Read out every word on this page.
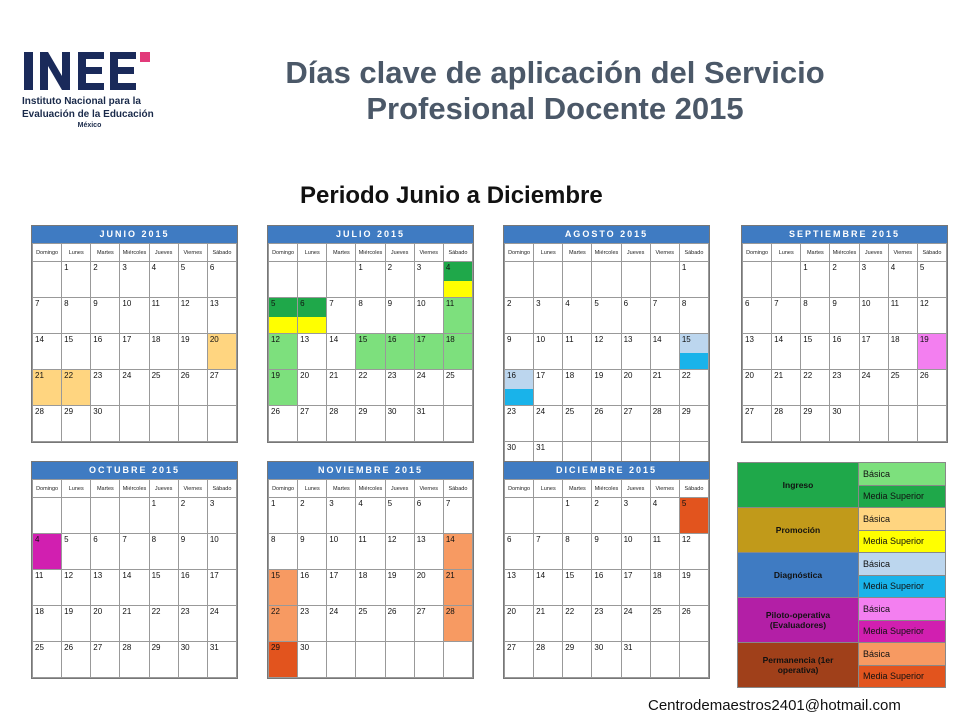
Instituto Nacional para la
Evaluación de la Educación
México
Días clave de aplicación del Servicio
Profesional Docente 2015
Periodo Junio a Diciembre
JUNIO 2015
Domingo	Lunes	Martes	Miércoles	Jueves	Viernes	Sábado

	1	2	3	4	5	6

7	8	9	10	11	12	13

14	15	16	17	18	19	20

21	22	23	24	25	26	27

28	29	30				

JULIO 2015
Domingo	Lunes	Martes	Miércoles	Jueves	Viernes	Sábado

			1	2	3	4

5	6	7	8	9	10	11

12	13	14	15	16	17	18

19	20	21	22	23	24	25

26	27	28	29	30	31	

AGOSTO 2015
Domingo	Lunes	Martes	Miércoles	Jueves	Viernes	Sábado

						1

2	3	4	5	6	7	8

9	10	11	12	13	14	15

16	17	18	19	20	21	22

23	24	25	26	27	28	29

30	31					

SEPTIEMBRE 2015
Domingo	Lunes	Martes	Miércoles	Jueves	Viernes	Sábado

		1	2	3	4	5

6	7	8	9	10	11	12

13	14	15	16	17	18	19

20	21	22	23	24	25	26

27	28	29	30			

OCTUBRE 2015
Domingo	Lunes	Martes	Miércoles	Jueves	Viernes	Sábado

				1	2	3

4	5	6	7	8	9	10

11	12	13	14	15	16	17

18	19	20	21	22	23	24

25	26	27	28	29	30	31
NOVIEMBRE 2015
Domingo	Lunes	Martes	Miércoles	Jueves	Viernes	Sábado

1	2	3	4	5	6	7

8	9	10	11	12	13	14

15	16	17	18	19	20	21

22	23	24	25	26	27	28

29	30					

DICIEMBRE 2015
Domingo	Lunes	Martes	Miércoles	Jueves	Viernes	Sábado

		1	2	3	4	5

6	7	8	9	10	11	12

13	14	15	16	17	18	19

20	21	22	23	24	25	26

27	28	29	30	31		

Ingreso
Básica
Media Superior
Promoción
Básica
Media Superior
Diagnóstica
Básica
Media Superior
Piloto-operativa (Evaluadores)
Básica
Media Superior
Permanencia (1er operativa)
Básica
Media Superior
Centrodemaestros2401@hotmail.com
